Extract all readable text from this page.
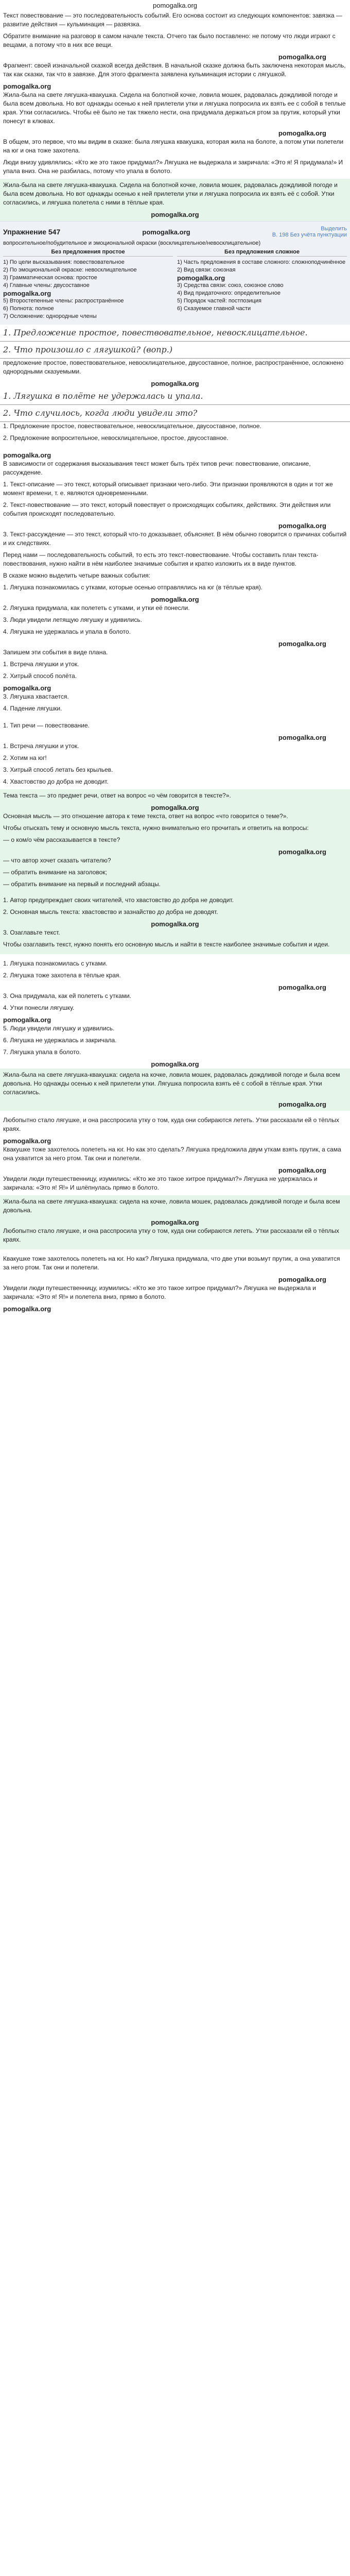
pomogalka.org

Текст повествование — это последовательность событий. Его основа состоит из следующих компонентов: завязка — развитие действия — кульминация — развязка.

Обратите внимание на разговор в самом начале текста. Отчего так было поставлено: не потому что люди играют с вещами, а потому что в них все вещи.

pomogalka.org

Фрагмент: своей изначальной сказкой всегда действия. В начальной сказке должна быть заключена некоторая мысль, так как сказки, так что в завязке. Для этого фрагмента заявлена кульминация истории с лягушкой.

pomogalka.org

Жила-была на свете лягушка-квакушка. Сидела на болотной кочке, ловила мошек, радовалась дождливой погоде и была всем довольна. Но вот однажды осенью к ней прилетели утки и лягушка попросила их взять ее с собой в теплые края. Утки согласились. Чтобы её было не так тяжело нести, она придумала держаться ртом за прутик, который утки понесут в клювах.

pomogalka.org

В общем, это первое, что мы видим в сказке: была лягушка квакушка, которая жила на болоте, а потом утки полетели на юг и она тоже захотела.

Люди внизу удивлялись: «Кто же это такое придумал?» Лягушка не выдержала и закричала: «Это я! Я придумала!» И упала вниз. Она не разбилась, потому что упала в болото.

Жила-была на свете лягушка-квакушка. Сидела на болотной кочке, ловила мошек, радовалась дождливой погоде и была всем довольна. Но вот однажды осенью к ней прилетели утки и лягушка попросила их взять её с собой. Утки согласились, и лягушка полетела с ними в тёплые края.

pomogalka.org
Упражнение 547	pomogalka.org	Выделить
В. 198 Без учёта пунктуации
вопросительное/побудительное и эмоциональной окраски (восклицательное/невосклицательное)
Без предложения простое
1) По цели высказывания: повествовательное
2) По эмоциональной окраске: невосклицательное
3) Грамматическая основа: простое
4) Главные члены: двусоставное
pomogalka.org
5) Второстепенные члены: распространённое
6) Полнота: полное
7) Осложнение: однородные члены
Без предложения сложное
1) Часть предложения в составе сложного: сложноподчинённое
2) Вид связи: союзная
pomogalka.org
3) Средства связи: союз, союзное слово
4) Вид придаточного: определительное
5) Порядок частей: постпозиция
6) Сказуемое главной части
1. Предложение простое, повествовательное, невосклицательное.
2. Что произошло с лягушкой? (вопр.)

предложение простое, повествовательное, невосклицательное, двусоставное, полное, распространённое, осложнено однородными сказуемыми.

pomogalka.org
1. Лягушка в полёте не удержалась и упала.
2. Что случилось, когда люди увидели это?

1. Предложение простое, повествовательное, невосклицательное, двусоставное, полное.

2. Предложение вопросительное, невосклицательное, простое, двусоставное.

pomogalka.org

В зависимости от содержания высказывания текст может быть трёх типов речи: повествование, описание, рассуждение.

1. Текст-описание — это текст, который описывает признаки чего-либо. Эти признаки проявляются в один и тот же момент времени, т. е. являются одновременными.

2. Текст-повествование — это текст, который повествует о происходящих событиях, действиях. Эти действия или события происходят последовательно.

pomogalka.org

3. Текст-рассуждение — это текст, который что-то доказывает, объясняет. В нём обычно говорится о причинах событий и их следствиях.

Перед нами — последовательность событий, то есть это текст-повествование. Чтобы составить план текста-повествования, нужно найти в нём наиболее значимые события и кратко изложить их в виде пунктов.

В сказке можно выделить четыре важных события:

1. Лягушка познакомилась с утками, которые осенью отправлялись на юг (в тёплые края).

pomogalka.org

2. Лягушка придумала, как полететь с утками, и утки её понесли.

3. Люди увидели летящую лягушку и удивились.

4. Лягушка не удержалась и упала в болото.

pomogalka.org

Запишем эти события в виде плана.

1. Встреча лягушки и уток.

2. Хитрый способ полёта.

pomogalka.org

3. Лягушка хвастается.

4. Падение лягушки.

1. Тип речи — повествование.

pomogalka.org

1. Встреча лягушки и уток.

2. Хотим на юг!

3. Хитрый способ летать без крыльев.

4. Хвастовство до добра не доводит.

Тема текста — это предмет речи, ответ на вопрос «о чём говорится в тексте?».

pomogalka.org

Основная мысль — это отношение автора к теме текста, ответ на вопрос «что говорится о теме?».

Чтобы отыскать тему и основную мысль текста, нужно внимательно его прочитать и ответить на вопросы:

— о ком/о чём рассказывается в тексте?

pomogalka.org

— что автор хочет сказать читателю?

— обратить внимание на заголовок;

— обратить внимание на первый и последний абзацы.

1. Автор предупреждает своих читателей, что хвастовство до добра не доводит.

2. Основная мысль текста: хвастовство и зазнайство до добра не доводят.

pomogalka.org

3. Озаглавьте текст.

Чтобы озаглавить текст, нужно понять его основную мысль и найти в тексте наиболее значимые события и идеи.

1. Лягушка познакомилась с утками.

2. Лягушка тоже захотела в тёплые края.

pomogalka.org

3. Она придумала, как ей полететь с утками.

4. Утки понесли лягушку.

pomogalka.org

5. Люди увидели лягушку и удивились.

6. Лягушка не удержалась и закричала.

7. Лягушка упала в болото.

pomogalka.org

Жила-была на свете лягушка-квакушка: сидела на кочке, ловила мошек, радовалась дождливой погоде и была всем довольна. Но однажды осенью к ней прилетели утки. Лягушка попросила взять её с собой в тёплые края. Утки согласились.

pomogalka.org

Любопытно стало лягушке, и она расспросила утку о том, куда они собираются лететь. Утки рассказали ей о тёплых краях.

pomogalka.org

Квакушке тоже захотелось полететь на юг. Но как это сделать? Лягушка предложила двум уткам взять прутик, а сама она ухватится за него ртом. Так они и полетели.

pomogalka.org

Увидели люди путешественницу, изумились: «Кто же это такое хитрое придумал?» Лягушка не удержалась и закричала: «Это я! Я!» И шлёпнулась прямо в болото.

Жила-была на свете лягушка-квакушка: сидела на кочке, ловила мошек, радовалась дождливой погоде и была всем довольна.

pomogalka.org

Любопытно стало лягушке, и она расспросила утку о том, куда они собираются лететь. Утки рассказали ей о тёплых краях.

Квакушке тоже захотелось полететь на юг. Но как? Лягушка придумала, что две утки возьмут прутик, а она ухватится за него ртом. Так они и полетели.

pomogalka.org

Увидели люди путешественницу, изумились: «Кто же это такое хитрое придумал?» Лягушка не выдержала и закричала: «Это я! Я!» и полетела вниз, прямо в болото.

pomogalka.org
